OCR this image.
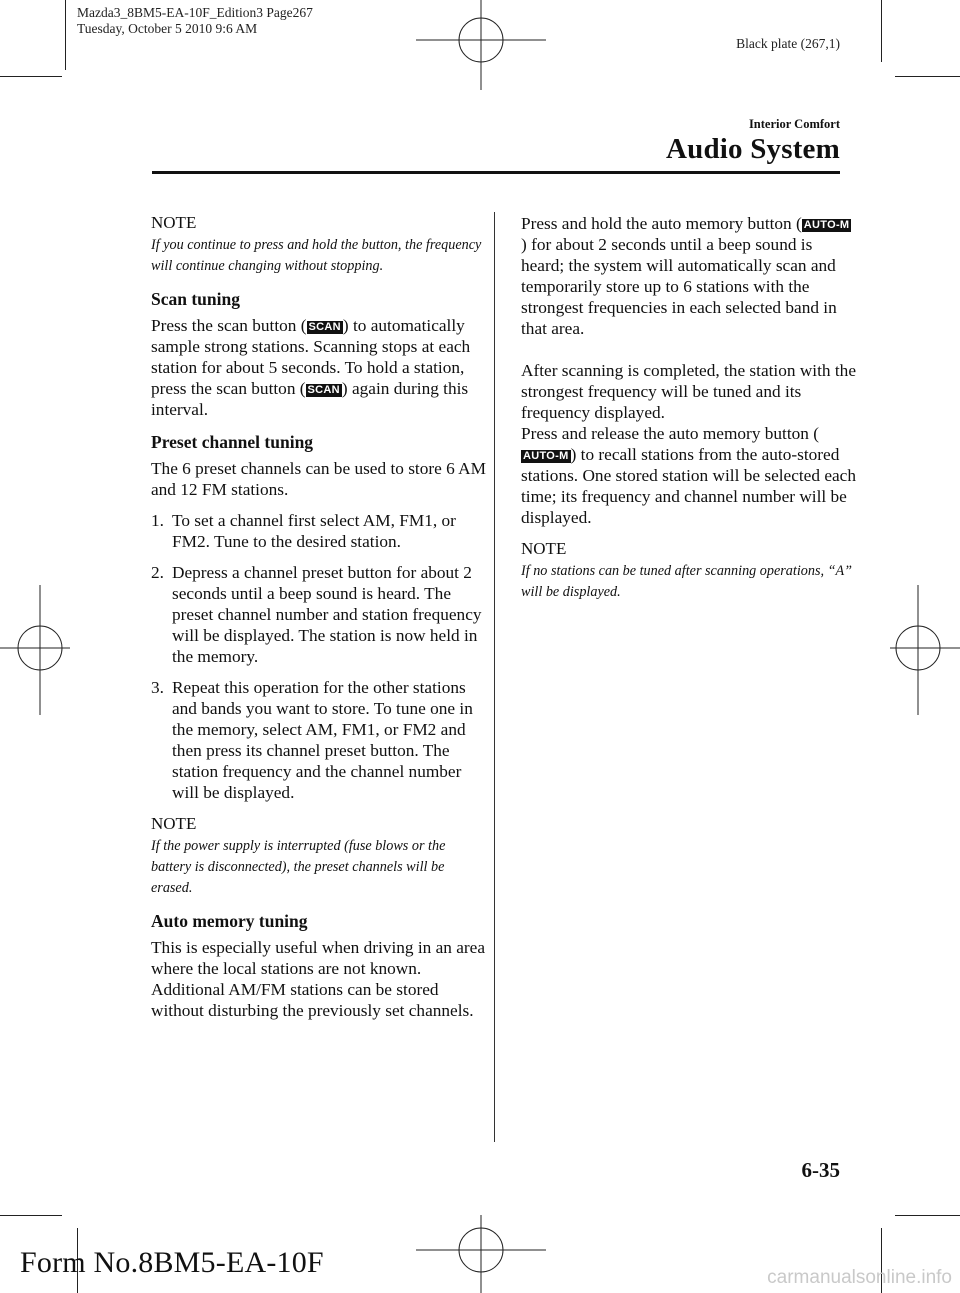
Mazda3_8BM5-EA-10F_Edition3 Page267
Tuesday, October 5 2010 9:6 AM
Black plate (267,1)
Interior Comfort
Audio System
NOTE

If you continue to press and hold the button, the frequency will continue changing without stopping.

Scan tuning

Press the scan button ( SCAN ) to automatically sample strong stations. Scanning stops at each station for about 5 seconds. To hold a station, press the scan button ( SCAN ) again during this interval.

Preset channel tuning

The 6 preset channels can be used to store 6 AM and 12 FM stations.

1. To set a channel first select AM, FM1, or FM2. Tune to the desired station.
2. Depress a channel preset button for about 2 seconds until a beep sound is heard. The preset channel number and station frequency will be displayed. The station is now held in the memory.
3. Repeat this operation for the other stations and bands you want to store. To tune one in the memory, select AM, FM1, or FM2 and then press its channel preset button. The station frequency and the channel number will be displayed.
NOTE

If the power supply is interrupted (fuse blows or the battery is disconnected), the preset channels will be erased.

Auto memory tuning

This is especially useful when driving in an area where the local stations are not known. Additional AM/FM stations can be stored without disturbing the previously set channels.

Press and hold the auto memory button ( AUTO-M) for about 2 seconds until a beep sound is heard; the system will automatically scan and temporarily store up to 6 stations with the strongest frequencies in each selected band in that area.

After scanning is completed, the station with the strongest frequency will be tuned and its frequency displayed.

Press and release the auto memory button (AUTO-M ) to recall stations from the auto-stored stations. One stored station will be selected each time; its frequency and channel number will be displayed.

NOTE

If no stations can be tuned after scanning operations, “A” will be displayed.

6-35
Form No.8BM5-EA-10F	carmanualsonline.info
